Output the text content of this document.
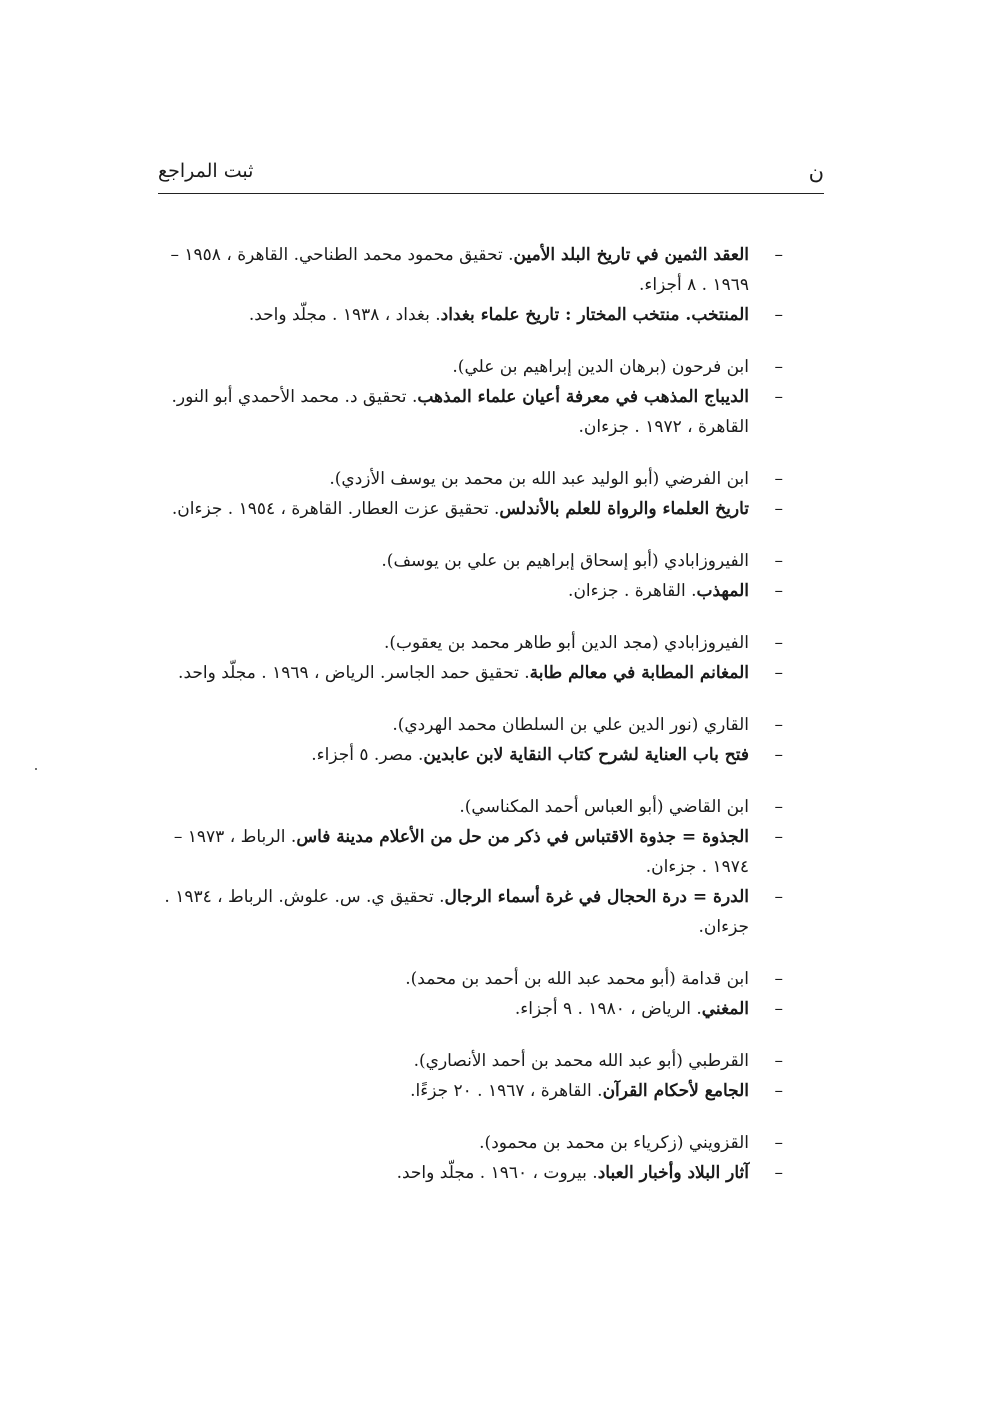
ن
ثبت المراجع
–
العقد الثمين في تاريخ البلد الأمين. تحقيق محمود محمد الطناحي. القاهرة ، ١٩٥٨ – ١٩٦٩ . ٨ أجزاء.
–
المنتخب. منتخب المختار : تاريخ علماء بغداد. بغداد ، ١٩٣٨ . مجلّد واحد.
–
ابن فرحون (برهان الدين إبراهيم بن علي).
–
الديباج المذهب في معرفة أعيان علماء المذهب. تحقيق د. محمد الأحمدي أبو النور. القاهرة ، ١٩٧٢ . جزءان.
–
ابن الفرضي (أبو الوليد عبد الله بن محمد بن يوسف الأزدي).
–
تاريخ العلماء والرواة للعلم بالأندلس. تحقيق عزت العطار. القاهرة ، ١٩٥٤ . جزءان.
–
الفيروزابادي (أبو إسحاق إبراهيم بن علي بن يوسف).
–
المهذب. القاهرة . جزءان.
–
الفيروزابادي (مجد الدين أبو طاهر محمد بن يعقوب).
–
المغانم المطابة في معالم طابة. تحقيق حمد الجاسر. الرياض ، ١٩٦٩ . مجلّد واحد.
–
القاري (نور الدين علي بن السلطان محمد الهردي).
–
فتح باب العناية لشرح كتاب النقاية لابن عابدين. مصر. ٥ أجزاء.
–
ابن القاضي (أبو العباس أحمد المكناسي).
–
الجذوة = جذوة الاقتباس في ذكر من حل من الأعلام مدينة فاس. الرباط ، ١٩٧٣ – ١٩٧٤ . جزءان.
–
الدرة = درة الحجال في غرة أسماء الرجال. تحقيق ي. س. علوش. الرباط ، ١٩٣٤ . جزءان.
–
ابن قدامة (أبو محمد عبد الله بن أحمد بن محمد).
–
المغني. الرياض ، ١٩٨٠ . ٩ أجزاء.
–
القرطبي (أبو عبد الله محمد بن أحمد الأنصاري).
–
الجامع لأحكام القرآن. القاهرة ، ١٩٦٧ . ٢٠ جزءًا.
–
القزويني (زكرياء بن محمد بن محمود).
–
آثار البلاد وأخبار العباد. بيروت ، ١٩٦٠ . مجلّد واحد.
